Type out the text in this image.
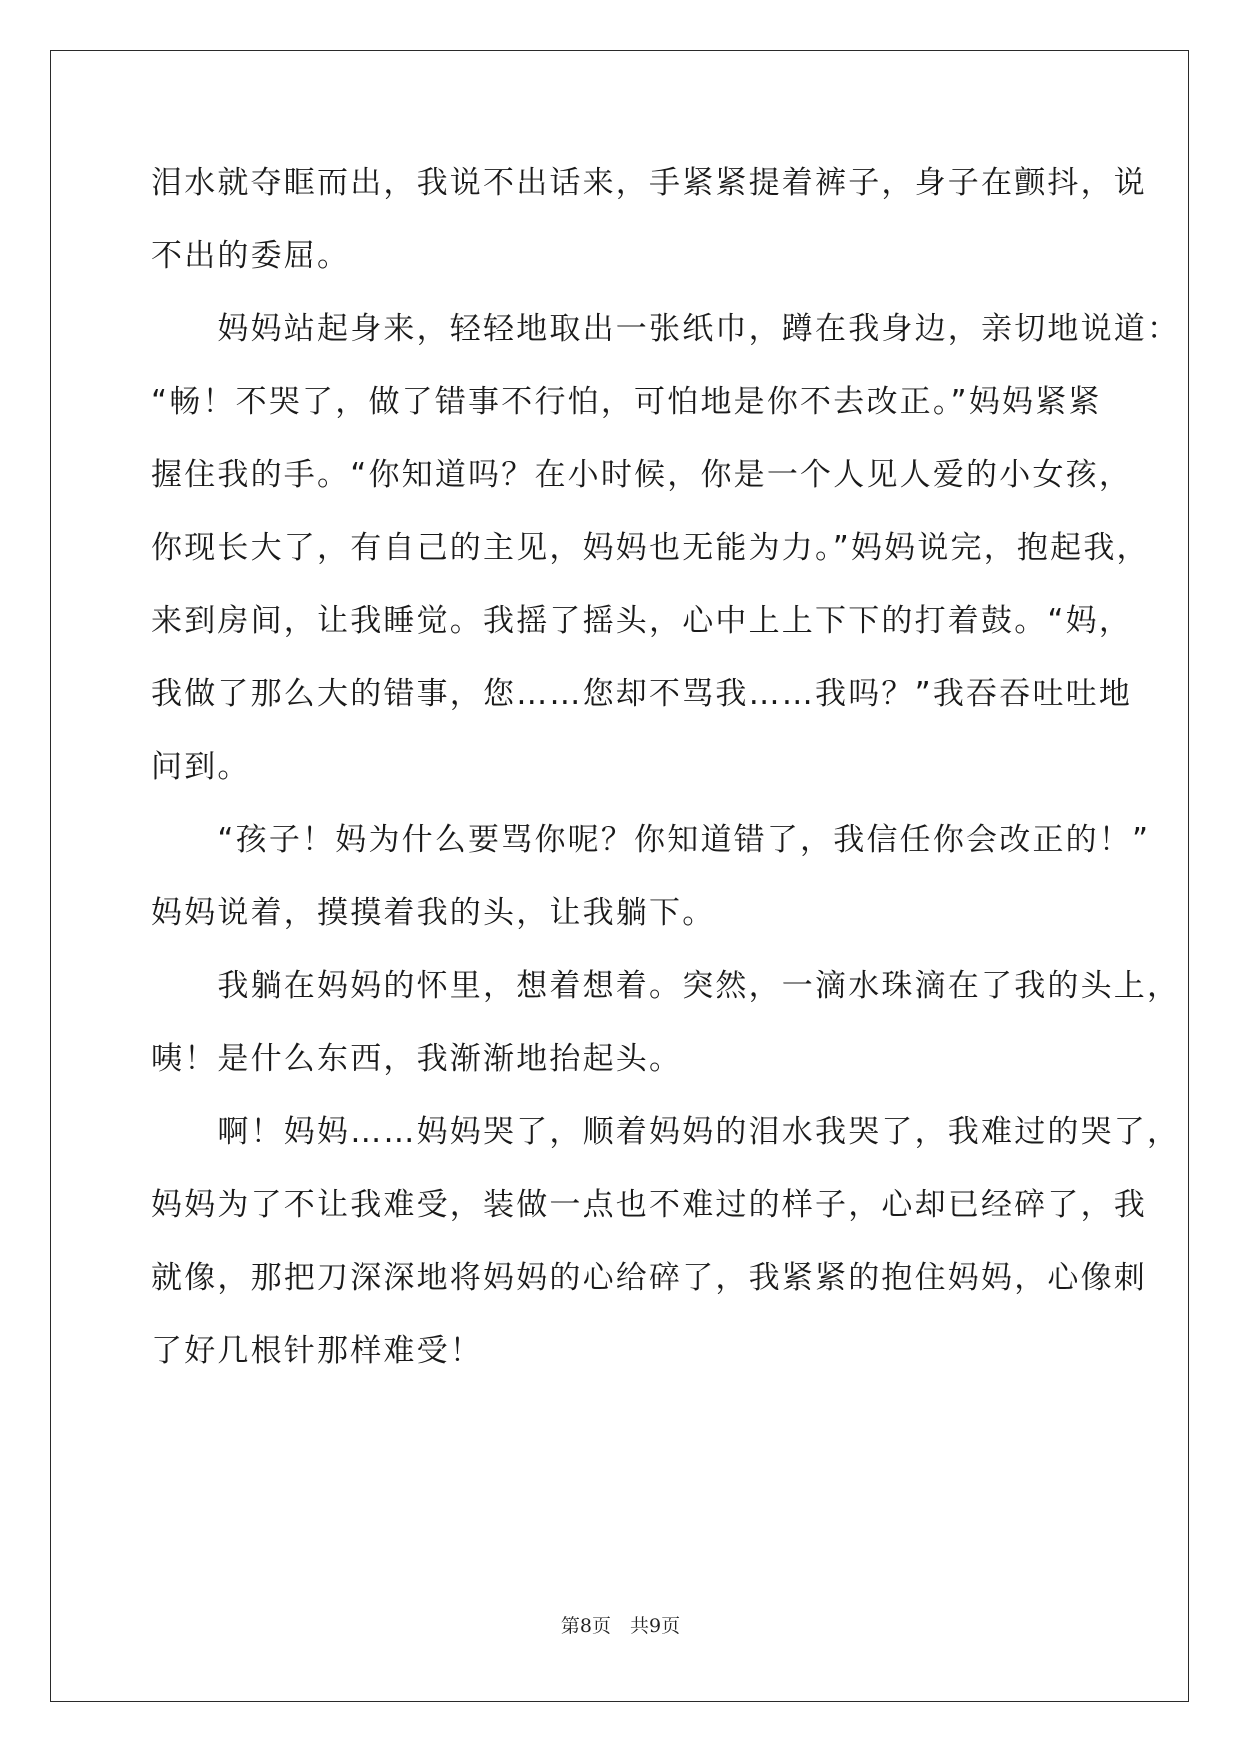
泪水就夺眶而出，我说不出话来，手紧紧提着裤子，身子在颤抖，说
不出的委屈。
　　妈妈站起身来，轻轻地取出一张纸巾，蹲在我身边，亲切地说道：
“畅！不哭了，做了错事不行怕，可怕地是你不去改正。”妈妈紧紧
握住我的手。“你知道吗？在小时候，你是一个人见人爱的小女孩，
你现长大了，有自己的主见，妈妈也无能为力。”妈妈说完，抱起我，
来到房间，让我睡觉。我摇了摇头，心中上上下下的打着鼓。“妈，
我做了那么大的错事，您……您却不骂我……我吗？”我吞吞吐吐地
问到。
　　“孩子！妈为什么要骂你呢？你知道错了，我信任你会改正的！”
妈妈说着，摸摸着我的头，让我躺下。
　　我躺在妈妈的怀里，想着想着。突然，一滴水珠滴在了我的头上，
咦！是什么东西，我渐渐地抬起头。
　　啊！妈妈……妈妈哭了，顺着妈妈的泪水我哭了，我难过的哭了，
妈妈为了不让我难受，装做一点也不难过的样子，心却已经碎了，我
就像，那把刀深深地将妈妈的心给碎了，我紧紧的抱住妈妈，心像刺
了好几根针那样难受！
第8页　共9页
